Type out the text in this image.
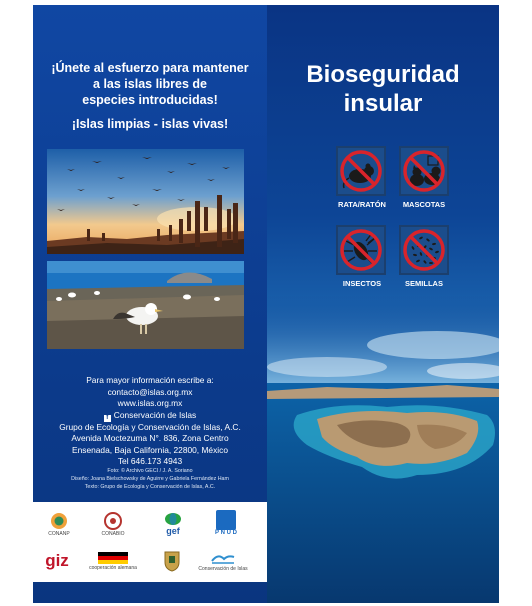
¡Únete al esfuerzo para mantener
a las islas libres de
especies introducidas!
¡Islas limpias - islas vivas!
Para mayor información escribe a:
contacto@islas.org.mx
www.islas.org.mx
f Conservación de Islas
Grupo de Ecología y Conservación de Islas, A.C.
Avenida Moctezuma N°. 836, Zona Centro
Ensenada, Baja California, 22800, México
Tel 646.173 4943
Foto: © Archivo GECI / J. A. Soriano
Diseño: Joana Bielschowsky de Aguirre y Gabriela Fernández Ham
Texto: Grupo de Ecología y Conservación de Islas, A.C.
CONANP	CONABIO	gef	P N U D
giz	cooperación alemana	Conservación de Islas
Bioseguridad
insular
RATA/RATÓN	MASCOTAS
INSECTOS	SEMILLAS
